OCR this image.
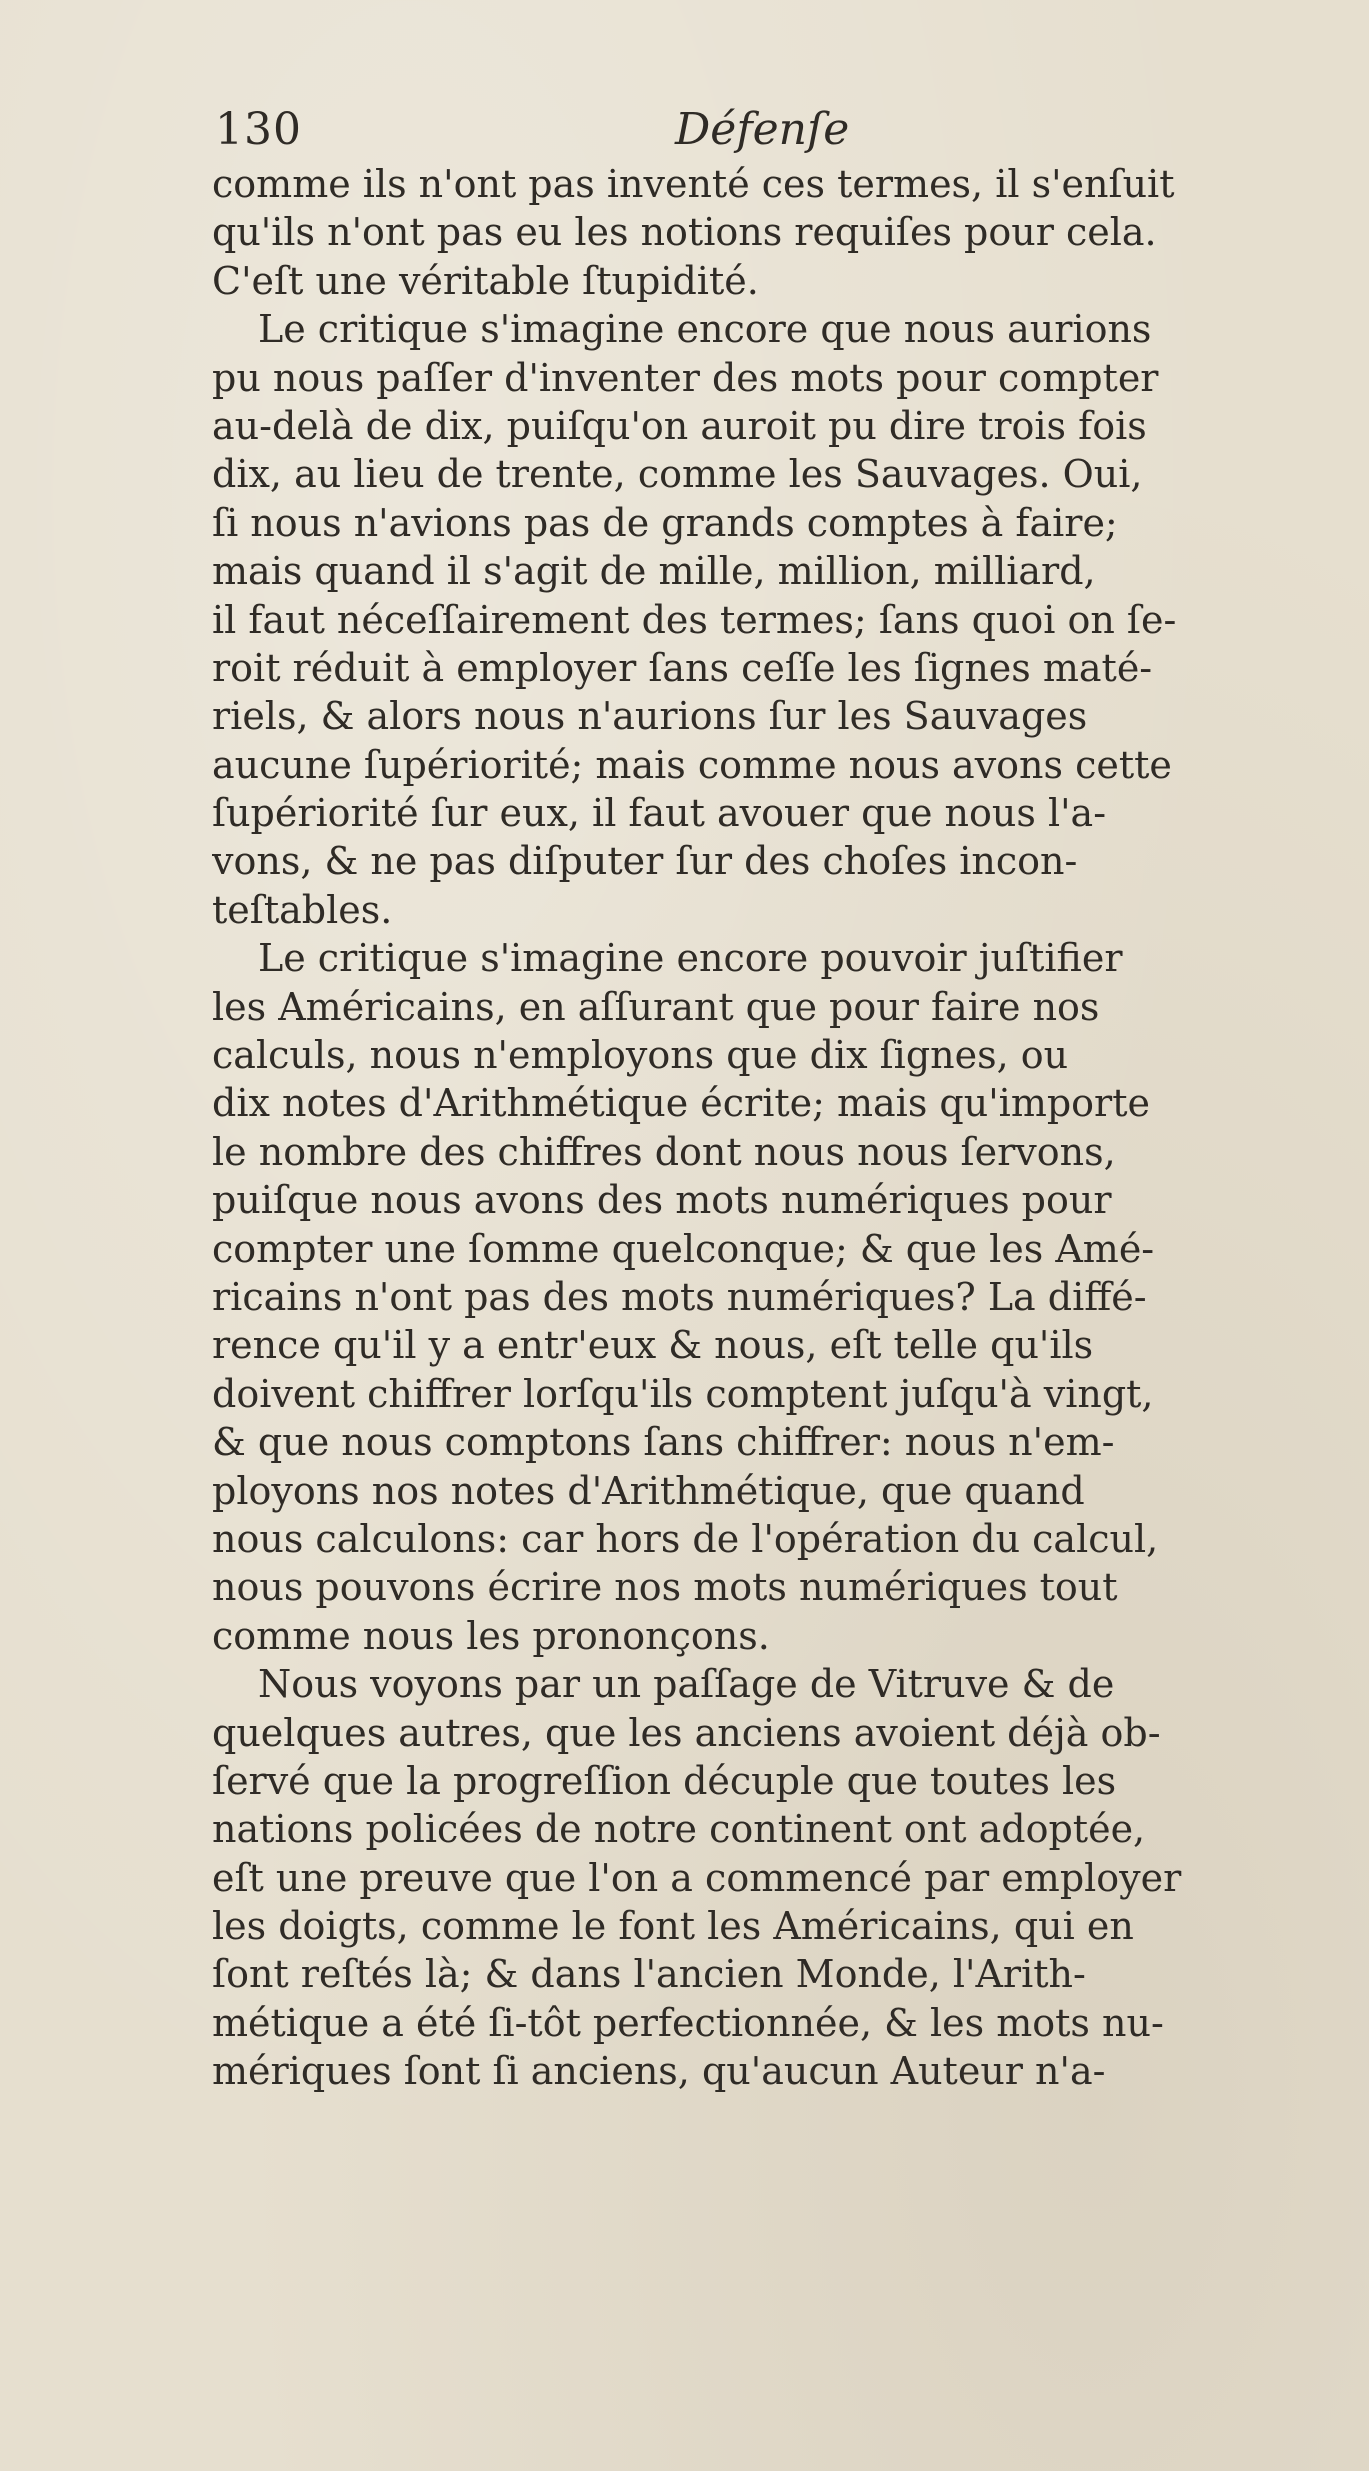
130	Défenſe
comme ils n'ont pas inventé ces termes, il s'enſuit
qu'ils n'ont pas eu les notions requiſes pour cela.
C'eſt une véritable ſtupidité.
Le critique s'imagine encore que nous aurions
pu nous paſſer d'inventer des mots pour compter
au-delà de dix, puiſqu'on auroit pu dire trois fois
dix, au lieu de trente, comme les Sauvages. Oui,
ſi nous n'avions pas de grands comptes à faire;
mais quand il s'agit de mille, million, milliard,
il faut néceſſairement des termes; ſans quoi on ſe-
roit réduit à employer ſans ceſſe les ſignes maté-
riels, & alors nous n'aurions ſur les Sauvages
aucune ſupériorité; mais comme nous avons cette
ſupériorité ſur eux, il faut avouer que nous l'a-
vons, & ne pas diſputer ſur des choſes incon-
teſtables.
Le critique s'imagine encore pouvoir juſtifier
les Américains, en aſſurant que pour faire nos
calculs, nous n'employons que dix ſignes, ou
dix notes d'Arithmétique écrite; mais qu'importe
le nombre des chiffres dont nous nous ſervons,
puiſque nous avons des mots numériques pour
compter une ſomme quelconque; & que les Amé-
ricains n'ont pas des mots numériques? La diffé-
rence qu'il y a entr'eux & nous, eſt telle qu'ils
doivent chiffrer lorſqu'ils comptent juſqu'à vingt,
& que nous comptons ſans chiffrer: nous n'em-
ployons nos notes d'Arithmétique, que quand
nous calculons: car hors de l'opération du calcul,
nous pouvons écrire nos mots numériques tout
comme nous les prononçons.
Nous voyons par un paſſage de Vitruve & de
quelques autres, que les anciens avoient déjà ob-
ſervé que la progreſſion décuple que toutes les
nations policées de notre continent ont adoptée,
eſt une preuve que l'on a commencé par employer
les doigts, comme le font les Américains, qui en
ſont reſtés là; & dans l'ancien Monde, l'Arith-
métique a été ſi-tôt perfectionnée, & les mots nu-
mériques ſont ſi anciens, qu'aucun Auteur n'a-
